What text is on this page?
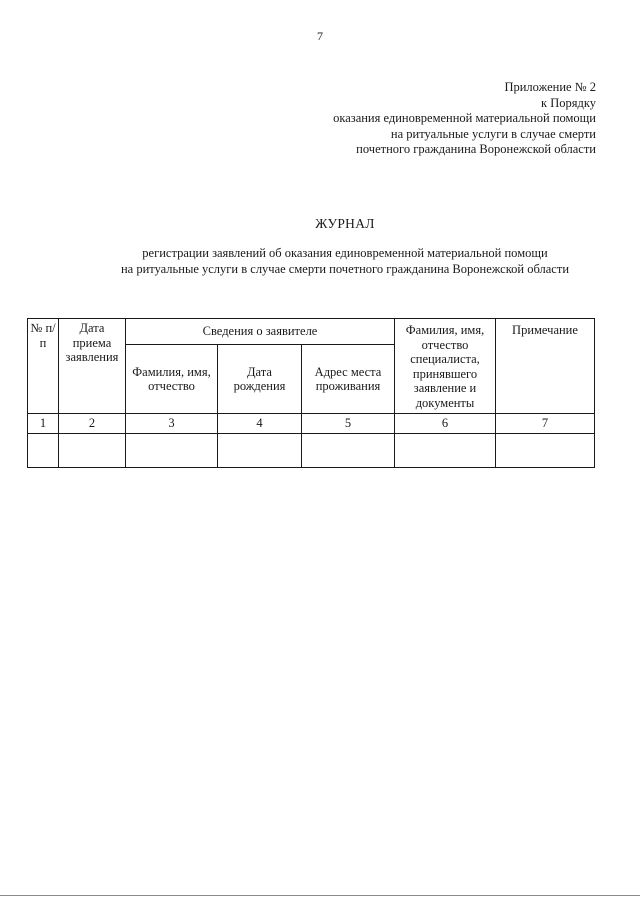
7
Приложение № 2
к Порядку
оказания единовременной материальной помощи
на ритуальные услуги в случае смерти
почетного гражданина Воронежской области
ЖУРНАЛ
регистрации заявлений об оказания единовременной материальной помощи
на ритуальные услуги в случае смерти почетного гражданина Воронежской области
№ п/п	Дата приема заявления	Сведения о заявителе			Фамилия, имя, отчество специалиста, принявшего заявление и документы	Примечание
		Фамилия, имя, отчество	Дата рождения	Адрес места проживания		
1	2	3	4	5	6	7
